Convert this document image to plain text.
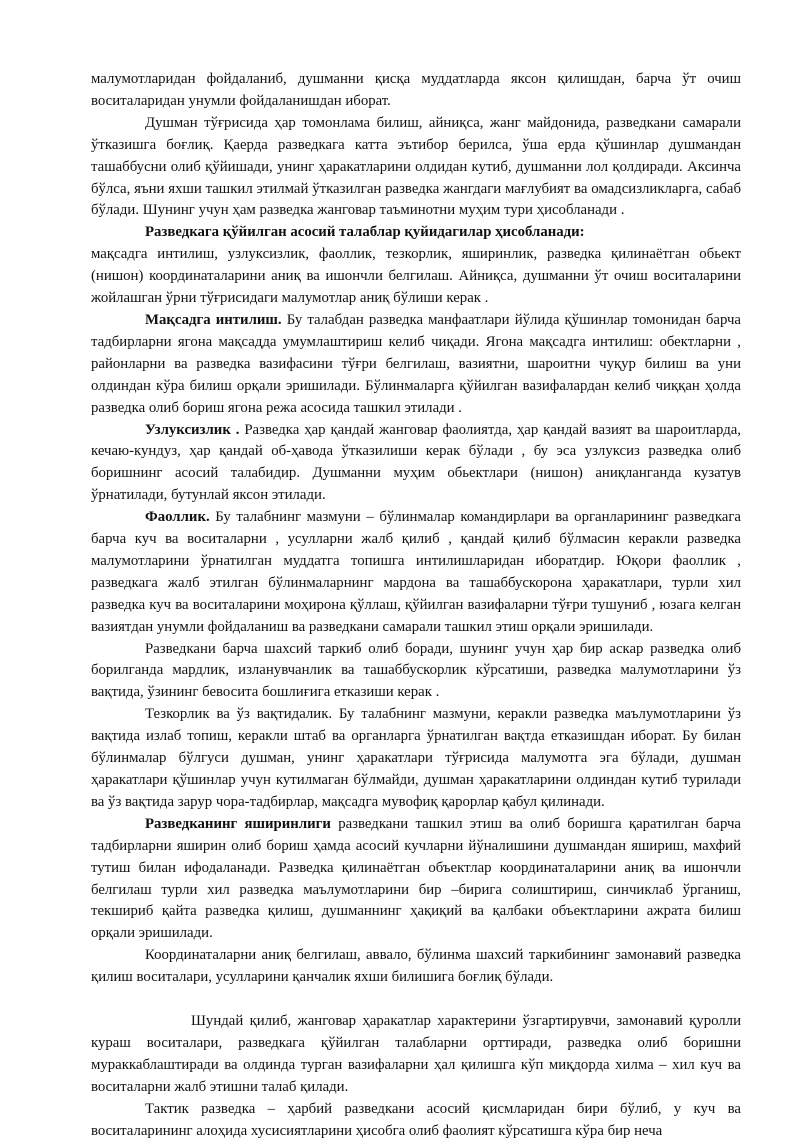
малумотларидан фойдаланиб, душманни қисқа муддатларда яксон қилишдан, барча ўт очиш воситаларидан унумли фойдаланишдан иборат.

Душман тўғрисида ҳар томонлама билиш, айниқса, жанг майдонида, разведкани самарали ўтказишга боғлиқ. Қаерда разведкага катта эътибор берилса, ўша ерда қўшинлар душмандан ташаббусни олиб қўйишади, унинг ҳаракатларини олдидан кутиб, душманни лол қолдиради. Аксинча бўлса, яъни яхши ташкил этилмай ўтказилган разведка жангдаги мағлубият ва омадсизликларга, сабаб бўлади. Шунинг учун ҳам разведка жанговар таъминотни муҳим тури ҳисобланади .

Разведкага қўйилган асосий талаблар қуйидагилар ҳисобланади:
мақсадга интилиш, узлуксизлик, фаоллик, тезкорлик, яширинлик, разведка қилинаётган обьект (нишон) координаталарини аниқ ва ишончли белгилаш. Айниқса, душманни ўт очиш воситаларини жойлашган ўрни тўғрисидаги малумотлар аниқ бўлиши керак .

Мақсадга интилиш. Бу талабдан разведка манфаатлари йўлида қўшинлар томонидан барча тадбирларни ягона мақсадда умумлаштириш келиб чиқади. Ягона мақсадга интилиш: обектларни , районларни ва разведка вазифасини тўғри белгилаш, вазиятни, шароитни чуқур билиш ва уни олдиндан кўра билиш орқали эришилади. Бўлинмаларга қўйилган вазифалардан келиб чиққан ҳолда разведка олиб бориш ягона режа асосида ташкил этилади .

Узлуксизлик . Разведка ҳар қандай жанговар фаолиятда, ҳар қандай вазият ва шароитларда, кечаю-кундуз, ҳар қандай об-ҳавода ўтказилиши керак бўлади , бу эса узлуксиз разведка олиб боришнинг асосий талабидир. Душманни муҳим обьектлари (нишон) аниқланганда кузатув ўрнатилади, бутунлай яксон этилади.

Фаоллик. Бу талабнинг мазмуни – бўлинмалар командирлари ва органларининг разведкага барча куч ва воситаларни , усулларни жалб қилиб , қандай қилиб бўлмасин керакли разведка малумотларини ўрнатилган муддатга топишга интилишларидан иборатдир. Юқори фаоллик , разведкага жалб этилган бўлинмаларнинг мардона ва ташаббускорона ҳаракатлари, турли хил разведка куч ва воситаларини моҳирона қўллаш, қўйилган вазифаларни тўғри тушуниб , юзага келган вазиятдан унумли фойдаланиш ва разведкани самарали ташкил этиш орқали эришилади.

Разведкани барча шахсий таркиб олиб боради, шунинг учун ҳар бир аскар разведка олиб борилганда мардлик, изланувчанлик ва ташаббускорлик кўрсатиши, разведка малумотларини ўз вақтида, ўзининг бевосита бошлиғига етказиши керак .

Тезкорлик ва ўз вақтидалик. Бу талабнинг мазмуни, керакли разведка маълумотларини ўз вақтида излаб топиш, керакли штаб ва органларга ўрнатилган вақтда етказишдан иборат. Бу билан бўлинмалар бўлгуси душман, унинг ҳаракатлари тўғрисида малумотга эга бўлади, душман ҳаракатлари қўшинлар учун кутилмаган бўлмайди, душман ҳаракатларини олдиндан кутиб турилади ва ўз вақтида зарур чора-тадбирлар, мақсадга мувофиқ қарорлар қабул қилинади.

Разведканинг яширинлиги разведкани ташкил этиш ва олиб боришга қаратилган барча тадбирларни яширин олиб бориш ҳамда асосий кучларни йўналишини душмандан яшириш, махфий тутиш билан ифодаланади. Разведка қилинаётган объектлар координаталарини аниқ ва ишончли белгилаш турли хил разведка маълумотларини бир –бирига солиштириш, синчиклаб ўрганиш, текшириб қайта разведка қилиш, душманнинг ҳақиқий ва қалбаки объектларини ажрата билиш орқали эришилади.

Координаталарни аниқ белгилаш, аввало, бўлинма шахсий таркибининг замонавий разведка қилиш воситалари, усулларини қанчалик яхши билишига боғлиқ бўлади.

Шундай қилиб, жанговар ҳаракатлар характерини ўзгартирувчи, замонавий қуролли кураш воситалари, разведкага қўйилган талабларни орттиради, разведка олиб боришни мураккаблаштиради ва олдинда турган вазифаларни ҳал қилишга кўп миқдорда хилма – хил куч ва воситаларни жалб этишни талаб қилади.

Тактик разведка – ҳарбий разведкани асосий қисмларидан бири бўлиб, у куч ва воситаларининг алоҳида хусисиятларини ҳисобга олиб фаолият кўрсатишга кўра бир неча
